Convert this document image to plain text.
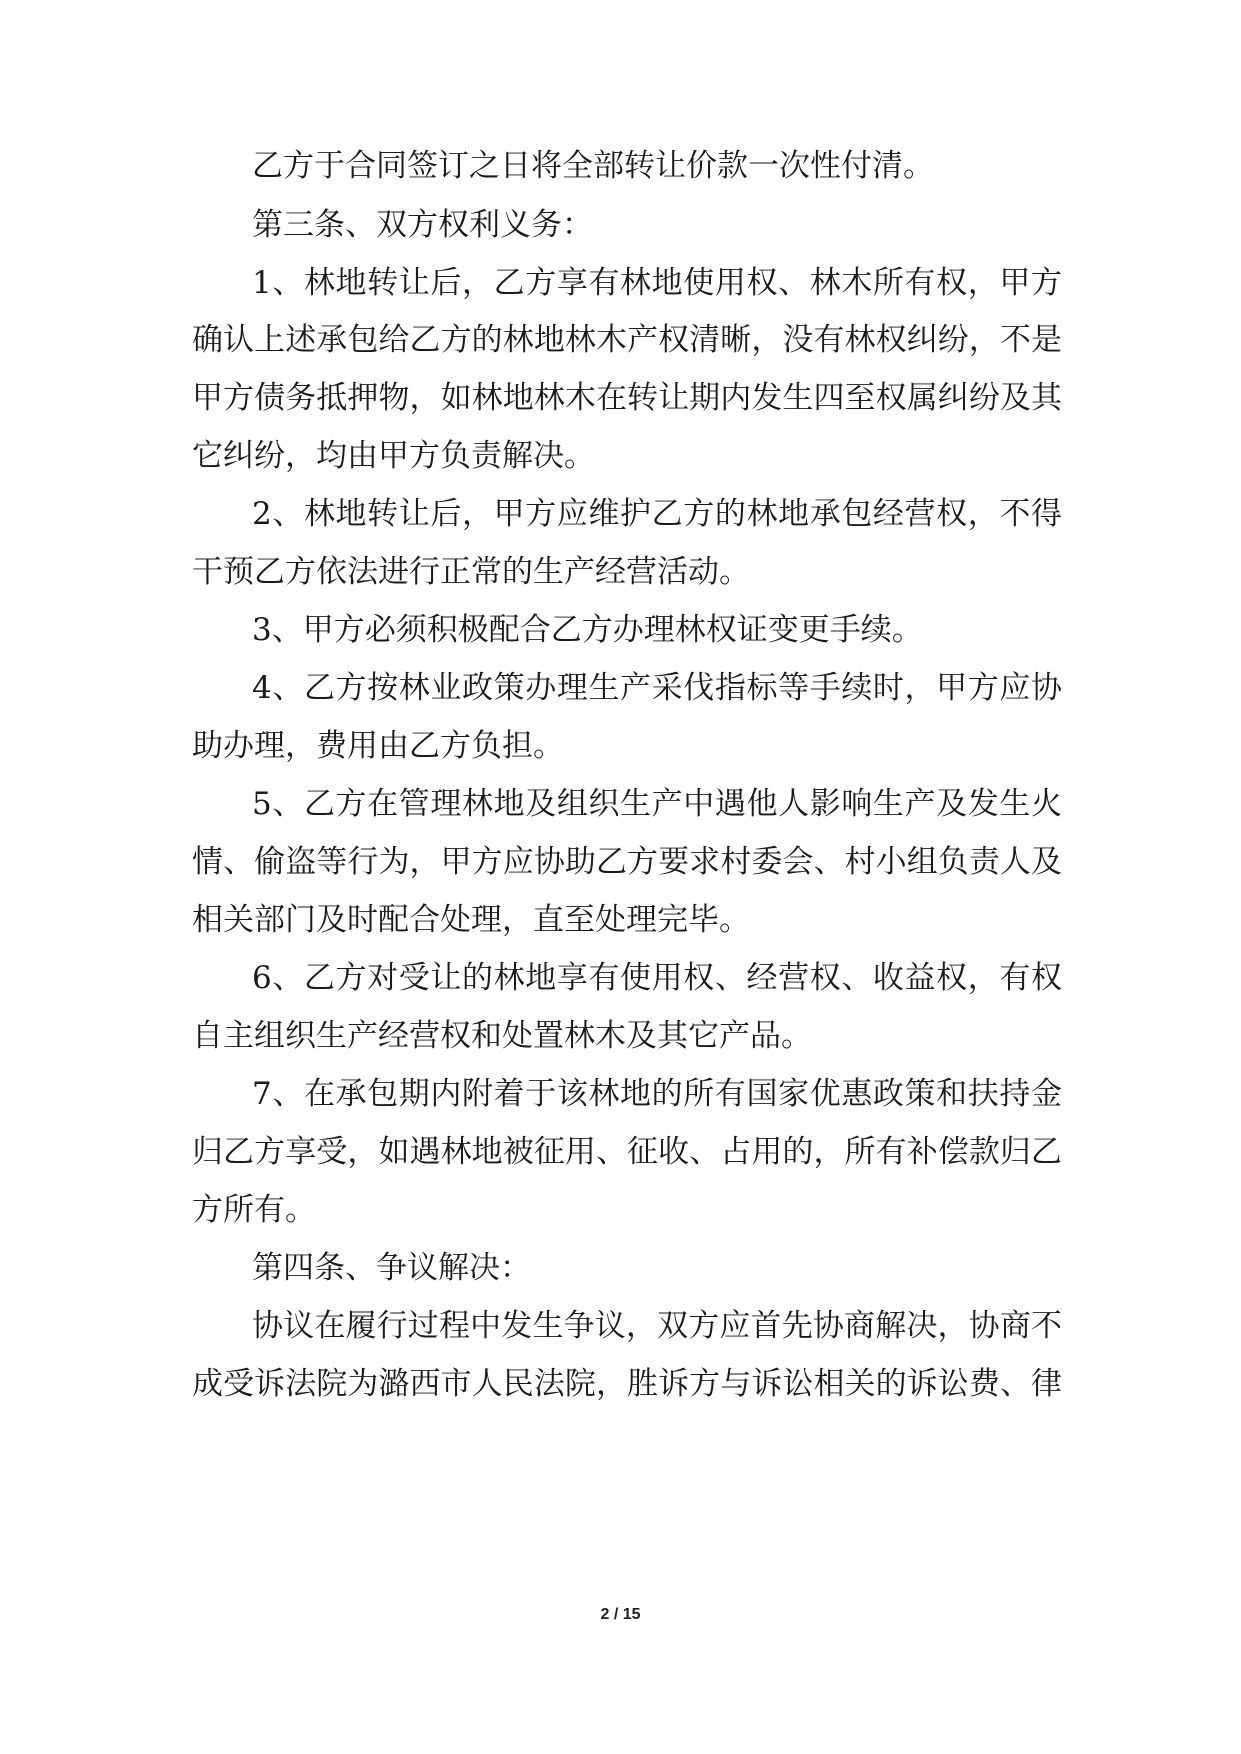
乙方于合同签订之日将全部转让价款一次性付清。
第三条、双方权利义务：
1、林地转让后，乙方享有林地使用权、林木所有权，甲方
确认上述承包给乙方的林地林木产权清晰，没有林权纠纷，不是
甲方债务抵押物，如林地林木在转让期内发生四至权属纠纷及其
它纠纷，均由甲方负责解决。
2、林地转让后，甲方应维护乙方的林地承包经营权，不得
干预乙方依法进行正常的生产经营活动。
3、甲方必须积极配合乙方办理林权证变更手续。
4、乙方按林业政策办理生产采伐指标等手续时，甲方应协
助办理，费用由乙方负担。
5、乙方在管理林地及组织生产中遇他人影响生产及发生火
情、偷盗等行为，甲方应协助乙方要求村委会、村小组负责人及
相关部门及时配合处理，直至处理完毕。
6、乙方对受让的林地享有使用权、经营权、收益权，有权
自主组织生产经营权和处置林木及其它产品。
7、在承包期内附着于该林地的所有国家优惠政策和扶持金
归乙方享受，如遇林地被征用、征收、占用的，所有补偿款归乙
方所有。
第四条、争议解决：
协议在履行过程中发生争议，双方应首先协商解决，协商不
成受诉法院为潞西市人民法院，胜诉方与诉讼相关的诉讼费、律
2 / 15
